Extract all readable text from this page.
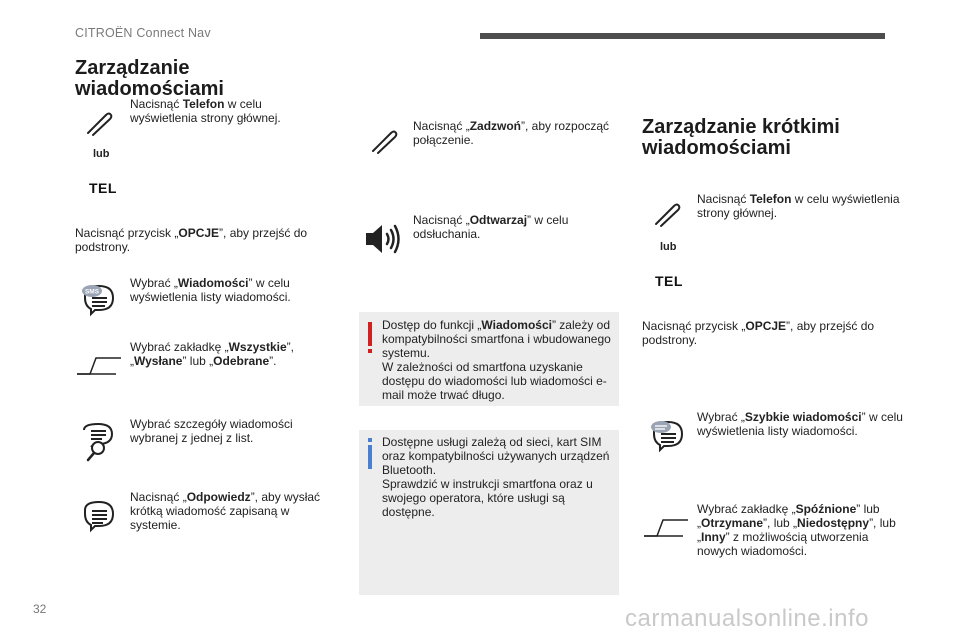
CITROËN Connect Nav
Zarządzanie
wiadomościami
Nacisnąć Telefon w celu wyświetlenia strony głównej.
lub
TEL
Nacisnąć przycisk „OPCJE”, aby przejść do podstrony.
SMS
Wybrać „Wiadomości” w celu wyświetlenia listy wiadomości.
Wybrać zakładkę „Wszystkie”, „Wysłane” lub „Odebrane”.
Wybrać szczegóły wiadomości wybranej z jednej z list.
Nacisnąć „Odpowiedz”, aby wysłać krótką wiadomość zapisaną w systemie.
Nacisnąć „Zadzwoń”, aby rozpocząć połączenie.
Nacisnąć „Odtwarzaj” w celu odsłuchania.
Dostęp do funkcji „Wiadomości” zależy od kompatybilności smartfona i wbudowanego systemu.
W zależności od smartfona uzyskanie dostępu do wiadomości lub wiadomości e-mail może trwać długo.
Dostępne usługi zależą od sieci, kart SIM oraz kompatybilności używanych urządzeń Bluetooth.
Sprawdzić w instrukcji smartfona oraz u swojego operatora, które usługi są dostępne.
Zarządzanie krótkimi
wiadomościami
Nacisnąć Telefon w celu wyświetlenia strony głównej.
lub
TEL
Nacisnąć przycisk „OPCJE”, aby przejść do podstrony.
Wybrać „Szybkie wiadomości” w celu wyświetlenia listy wiadomości.
Wybrać zakładkę „Spóźnione” lub „Otrzymane”, lub „Niedostępny”, lub „Inny” z możliwością utworzenia nowych wiadomości.
32	carmanualsonline.info
